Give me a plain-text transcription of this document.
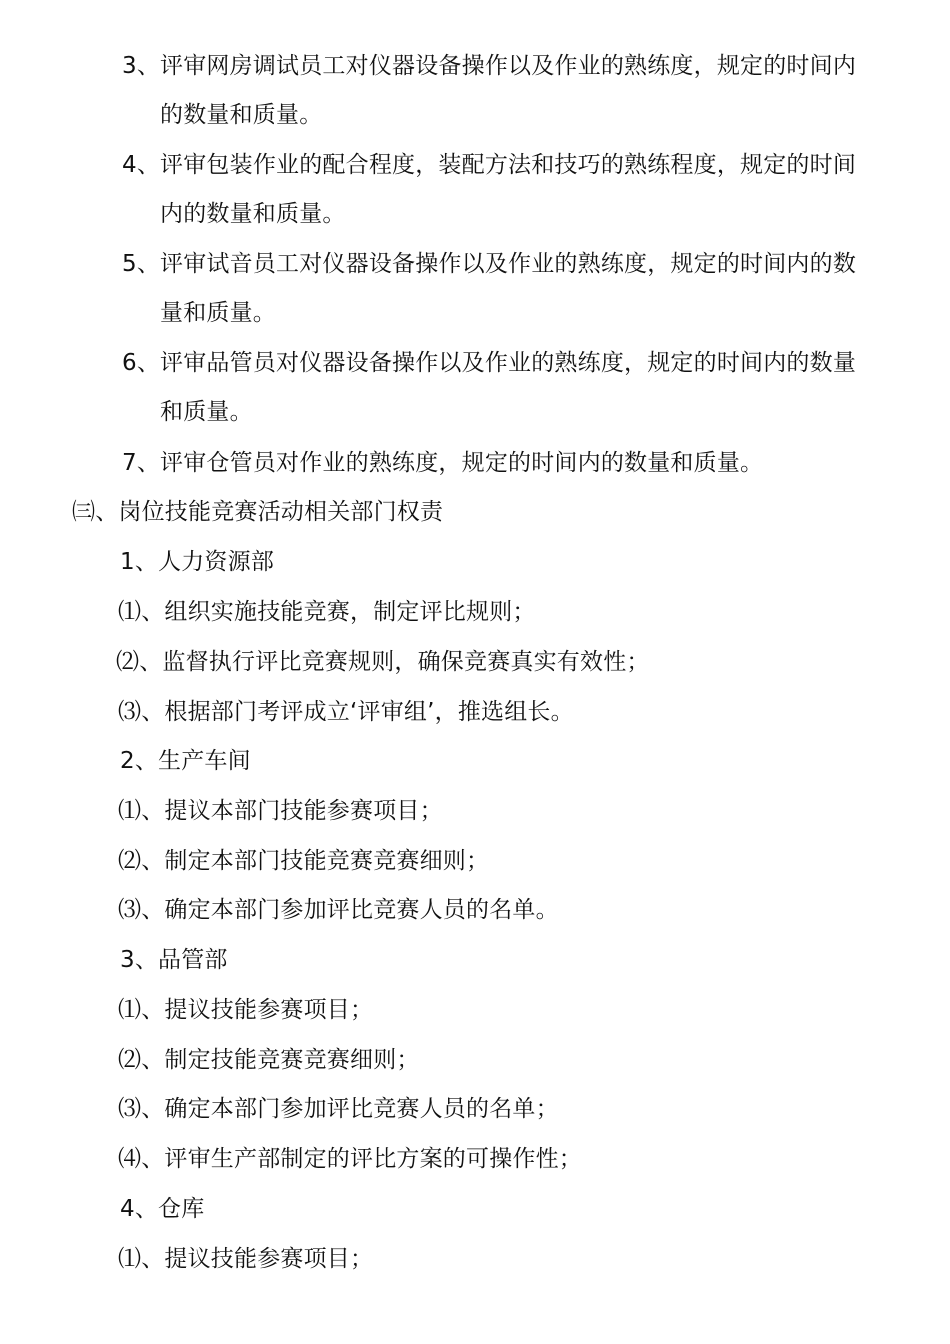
3、评审网房调试员工对仪器设备操作以及作业的熟练度，规定的时间内
的数量和质量。
4、评审包装作业的配合程度，装配方法和技巧的熟练程度，规定的时间
内的数量和质量。
5、评审试音员工对仪器设备操作以及作业的熟练度，规定的时间内的数
量和质量。
6、评审品管员对仪器设备操作以及作业的熟练度，规定的时间内的数量
和质量。
7、评审仓管员对作业的熟练度，规定的时间内的数量和质量。
㈢、岗位技能竞赛活动相关部门权责
1、人力资源部
⑴、组织实施技能竞赛，制定评比规则；
⑵、监督执行评比竞赛规则，确保竞赛真实有效性；
⑶、根据部门考评成立‘评审组’，推选组长。
2、生产车间
⑴、提议本部门技能参赛项目；
⑵、制定本部门技能竞赛竞赛细则；
⑶、确定本部门参加评比竞赛人员的名单。
3、品管部
⑴、提议技能参赛项目；
⑵、制定技能竞赛竞赛细则；
⑶、确定本部门参加评比竞赛人员的名单；
⑷、评审生产部制定的评比方案的可操作性；
4、仓库
⑴、提议技能参赛项目；
